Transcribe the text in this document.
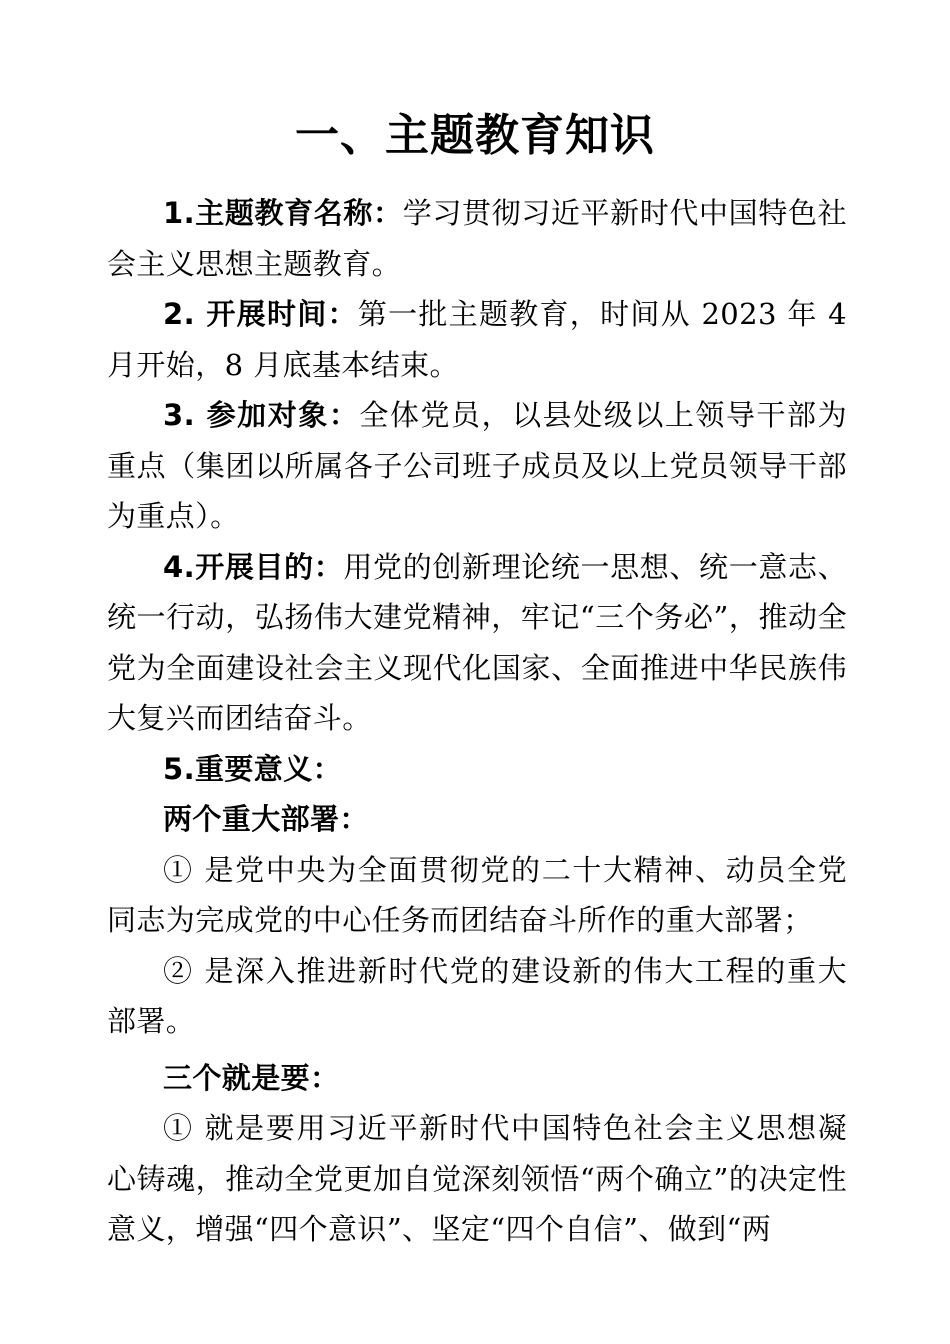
一、主题教育知识

1.主题教育名称：学习贯彻习近平新时代中国特色社会主义思想主题教育。

2. 开展时间：第一批主题教育，时间从 2023 年 4 月开始，8 月底基本结束。

3. 参加对象：全体党员，以县处级以上领导干部为重点（集团以所属各子公司班子成员及以上党员领导干部为重点）。

4.开展目的：用党的创新理论统一思想、统一意志、统一行动，弘扬伟大建党精神，牢记“三个务必”，推动全党为全面建设社会主义现代化国家、全面推进中华民族伟大复兴而团结奋斗。

5.重要意义：

两个重大部署：

① 是党中央为全面贯彻党的二十大精神、动员全党同志为完成党的中心任务而团结奋斗所作的重大部署；

② 是深入推进新时代党的建设新的伟大工程的重大部署。

三个就是要：

① 就是要用习近平新时代中国特色社会主义思想凝心铸魂，推动全党更加自觉深刻领悟“两个确立”的决定性意义，增强“四个意识”、坚定“四个自信”、做到“两
